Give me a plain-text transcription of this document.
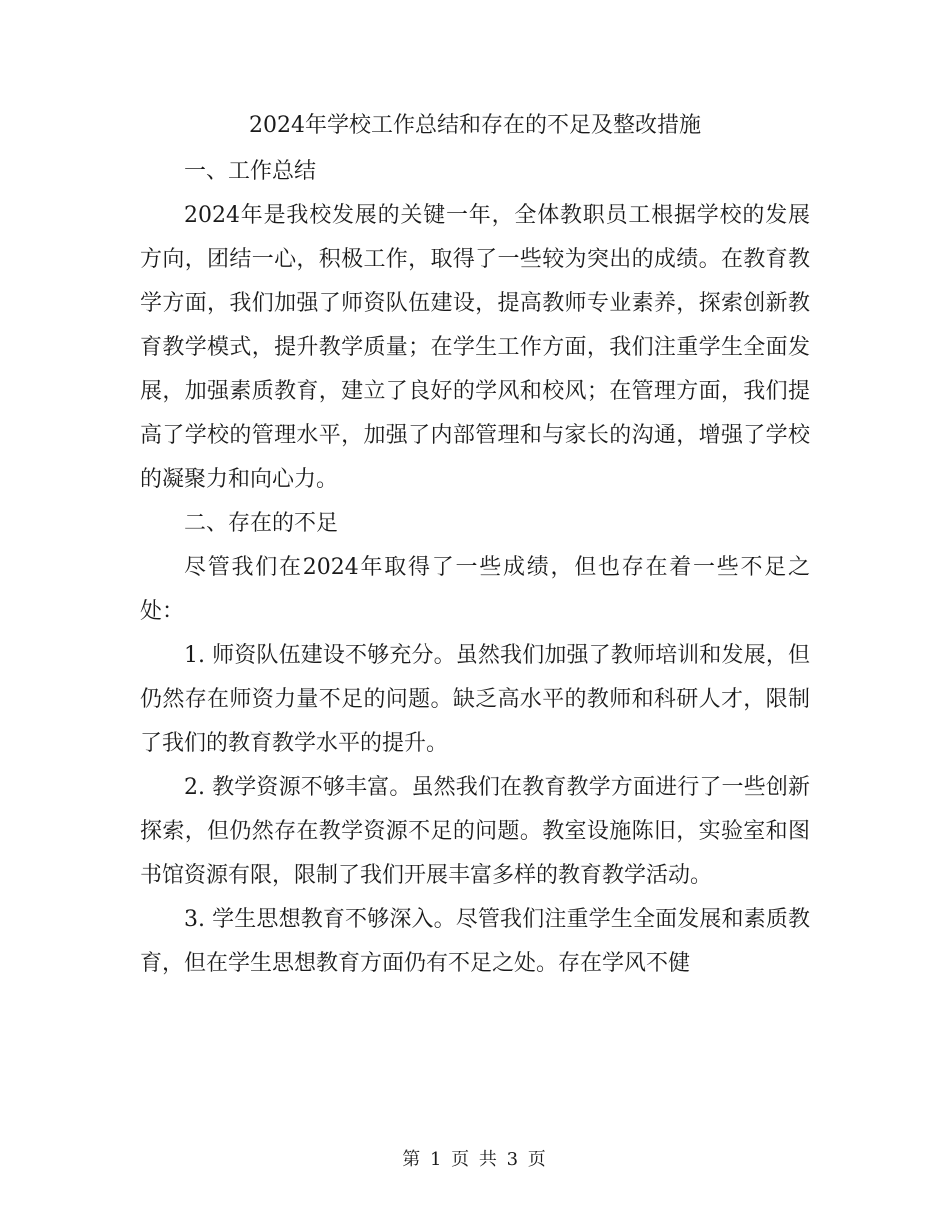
2024年学校工作总结和存在的不足及整改措施

一、工作总结

2024年是我校发展的关键一年，全体教职员工根据学校的发展方向，团结一心，积极工作，取得了一些较为突出的成绩。在教育教学方面，我们加强了师资队伍建设，提高教师专业素养，探索创新教育教学模式，提升教学质量；在学生工作方面，我们注重学生全面发展，加强素质教育，建立了良好的学风和校风；在管理方面，我们提高了学校的管理水平，加强了内部管理和与家长的沟通，增强了学校的凝聚力和向心力。

二、存在的不足

尽管我们在2024年取得了一些成绩，但也存在着一些不足之处：

1. 师资队伍建设不够充分。虽然我们加强了教师培训和发展，但仍然存在师资力量不足的问题。缺乏高水平的教师和科研人才，限制了我们的教育教学水平的提升。

2. 教学资源不够丰富。虽然我们在教育教学方面进行了一些创新探索，但仍然存在教学资源不足的问题。教室设施陈旧，实验室和图书馆资源有限，限制了我们开展丰富多样的教育教学活动。

3. 学生思想教育不够深入。尽管我们注重学生全面发展和素质教育，但在学生思想教育方面仍有不足之处。存在学风不健

第 1 页 共 3 页
